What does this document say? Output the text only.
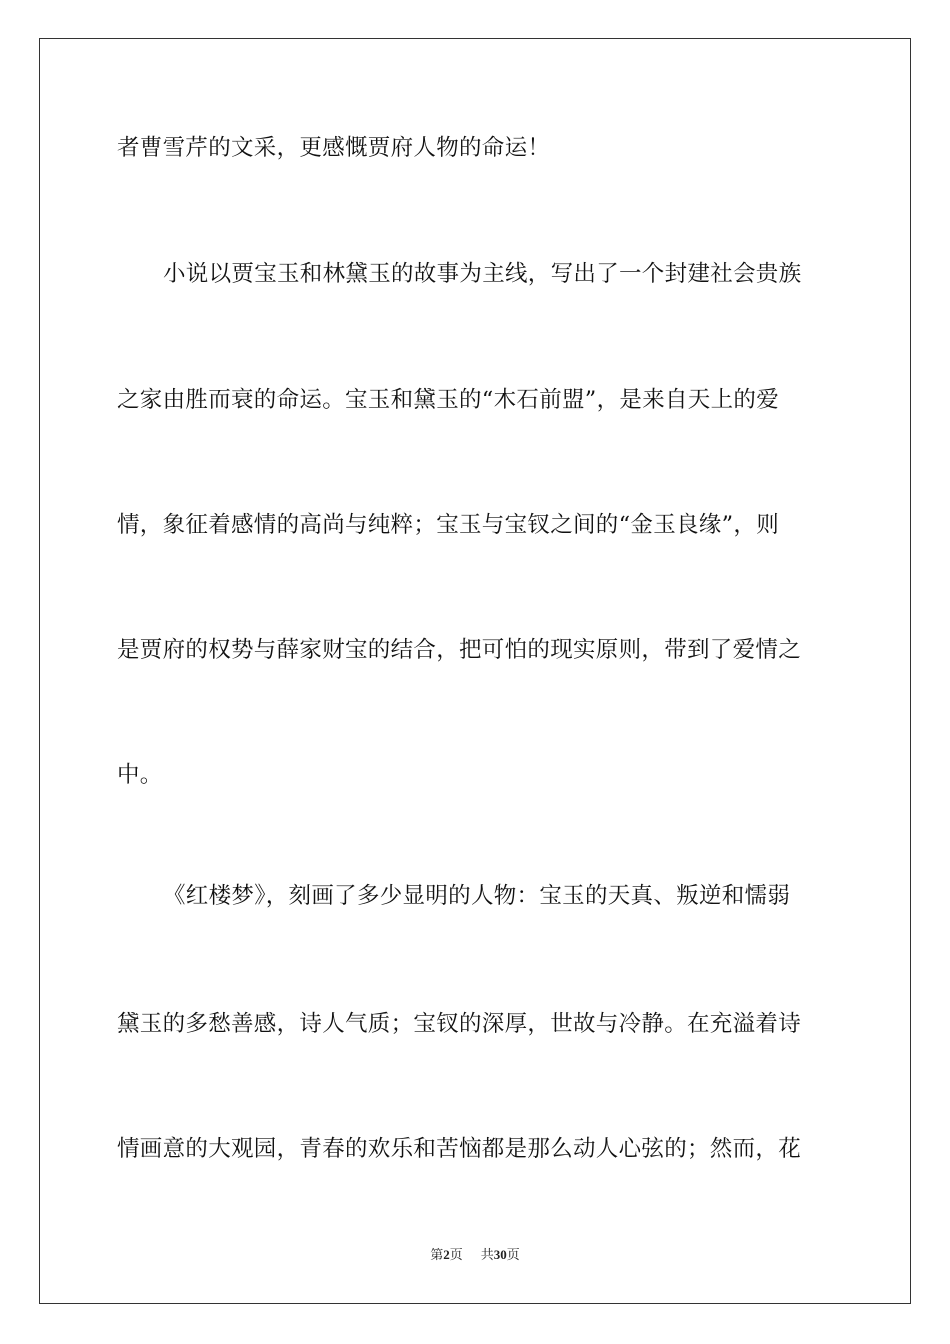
者曹雪芹的文采，更感慨贾府人物的命运！
小说以贾宝玉和林黛玉的故事为主线，写出了一个封建社会贵族
之家由胜而衰的命运。宝玉和黛玉的“木石前盟”，是来自天上的爱
情，象征着感情的高尚与纯粹；宝玉与宝钗之间的“金玉良缘”，则
是贾府的权势与薛家财宝的结合，把可怕的现实原则，带到了爱情之
中。
《红楼梦》，刻画了多少显明的人物：宝玉的天真、叛逆和懦弱
黛玉的多愁善感，诗人气质；宝钗的深厚，世故与冷静。在充溢着诗
情画意的大观园，青春的欢乐和苦恼都是那么动人心弦的；然而，花
第2页 共30页
